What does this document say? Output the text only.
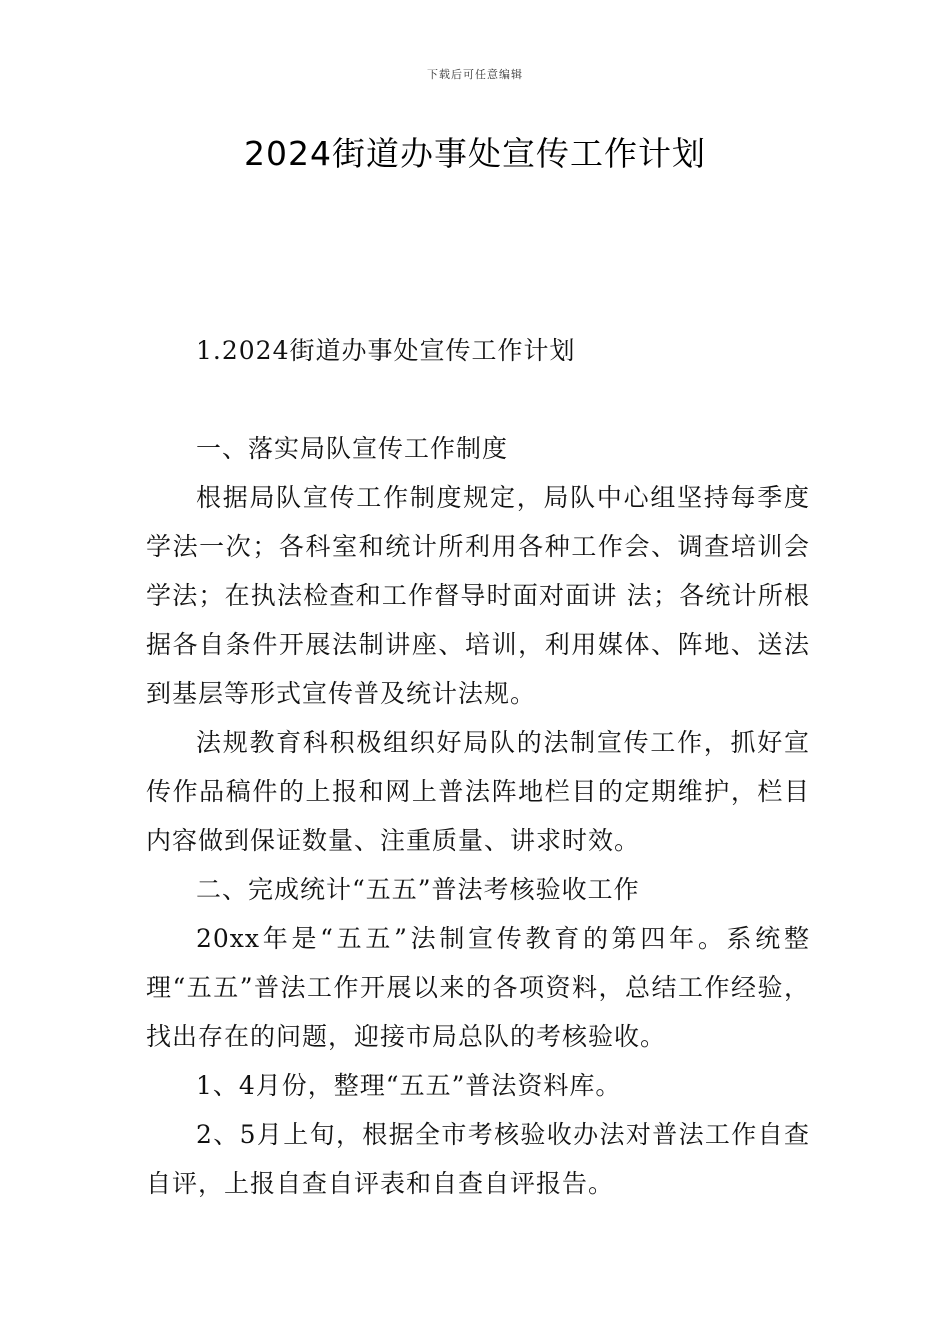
下载后可任意编辑
2024街道办事处宣传工作计划

1.2024街道办事处宣传工作计划

一、落实局队宣传工作制度

根据局队宣传工作制度规定，局队中心组坚持每季度学法一次；各科室和统计所利用各种工作会、调查培训会学法；在执法检查和工作督导时面对面讲 法；各统计所根据各自条件开展法制讲座、培训，利用媒体、阵地、送法到基层等形式宣传普及统计法规。

法规教育科积极组织好局队的法制宣传工作，抓好宣传作品稿件的上报和网上普法阵地栏目的定期维护，栏目内容做到保证数量、注重质量、讲求时效。

二、完成统计“五五”普法考核验收工作

20xx年是“五五”法制宣传教育的第四年。系统整理“五五”普法工作开展以来的各项资料，总结工作经验，找出存在的问题，迎接市局总队的考核验收。

1、4月份，整理“五五”普法资料库。

2、5月上旬，根据全市考核验收办法对普法工作自查自评，上报自查自评表和自查自评报告。
